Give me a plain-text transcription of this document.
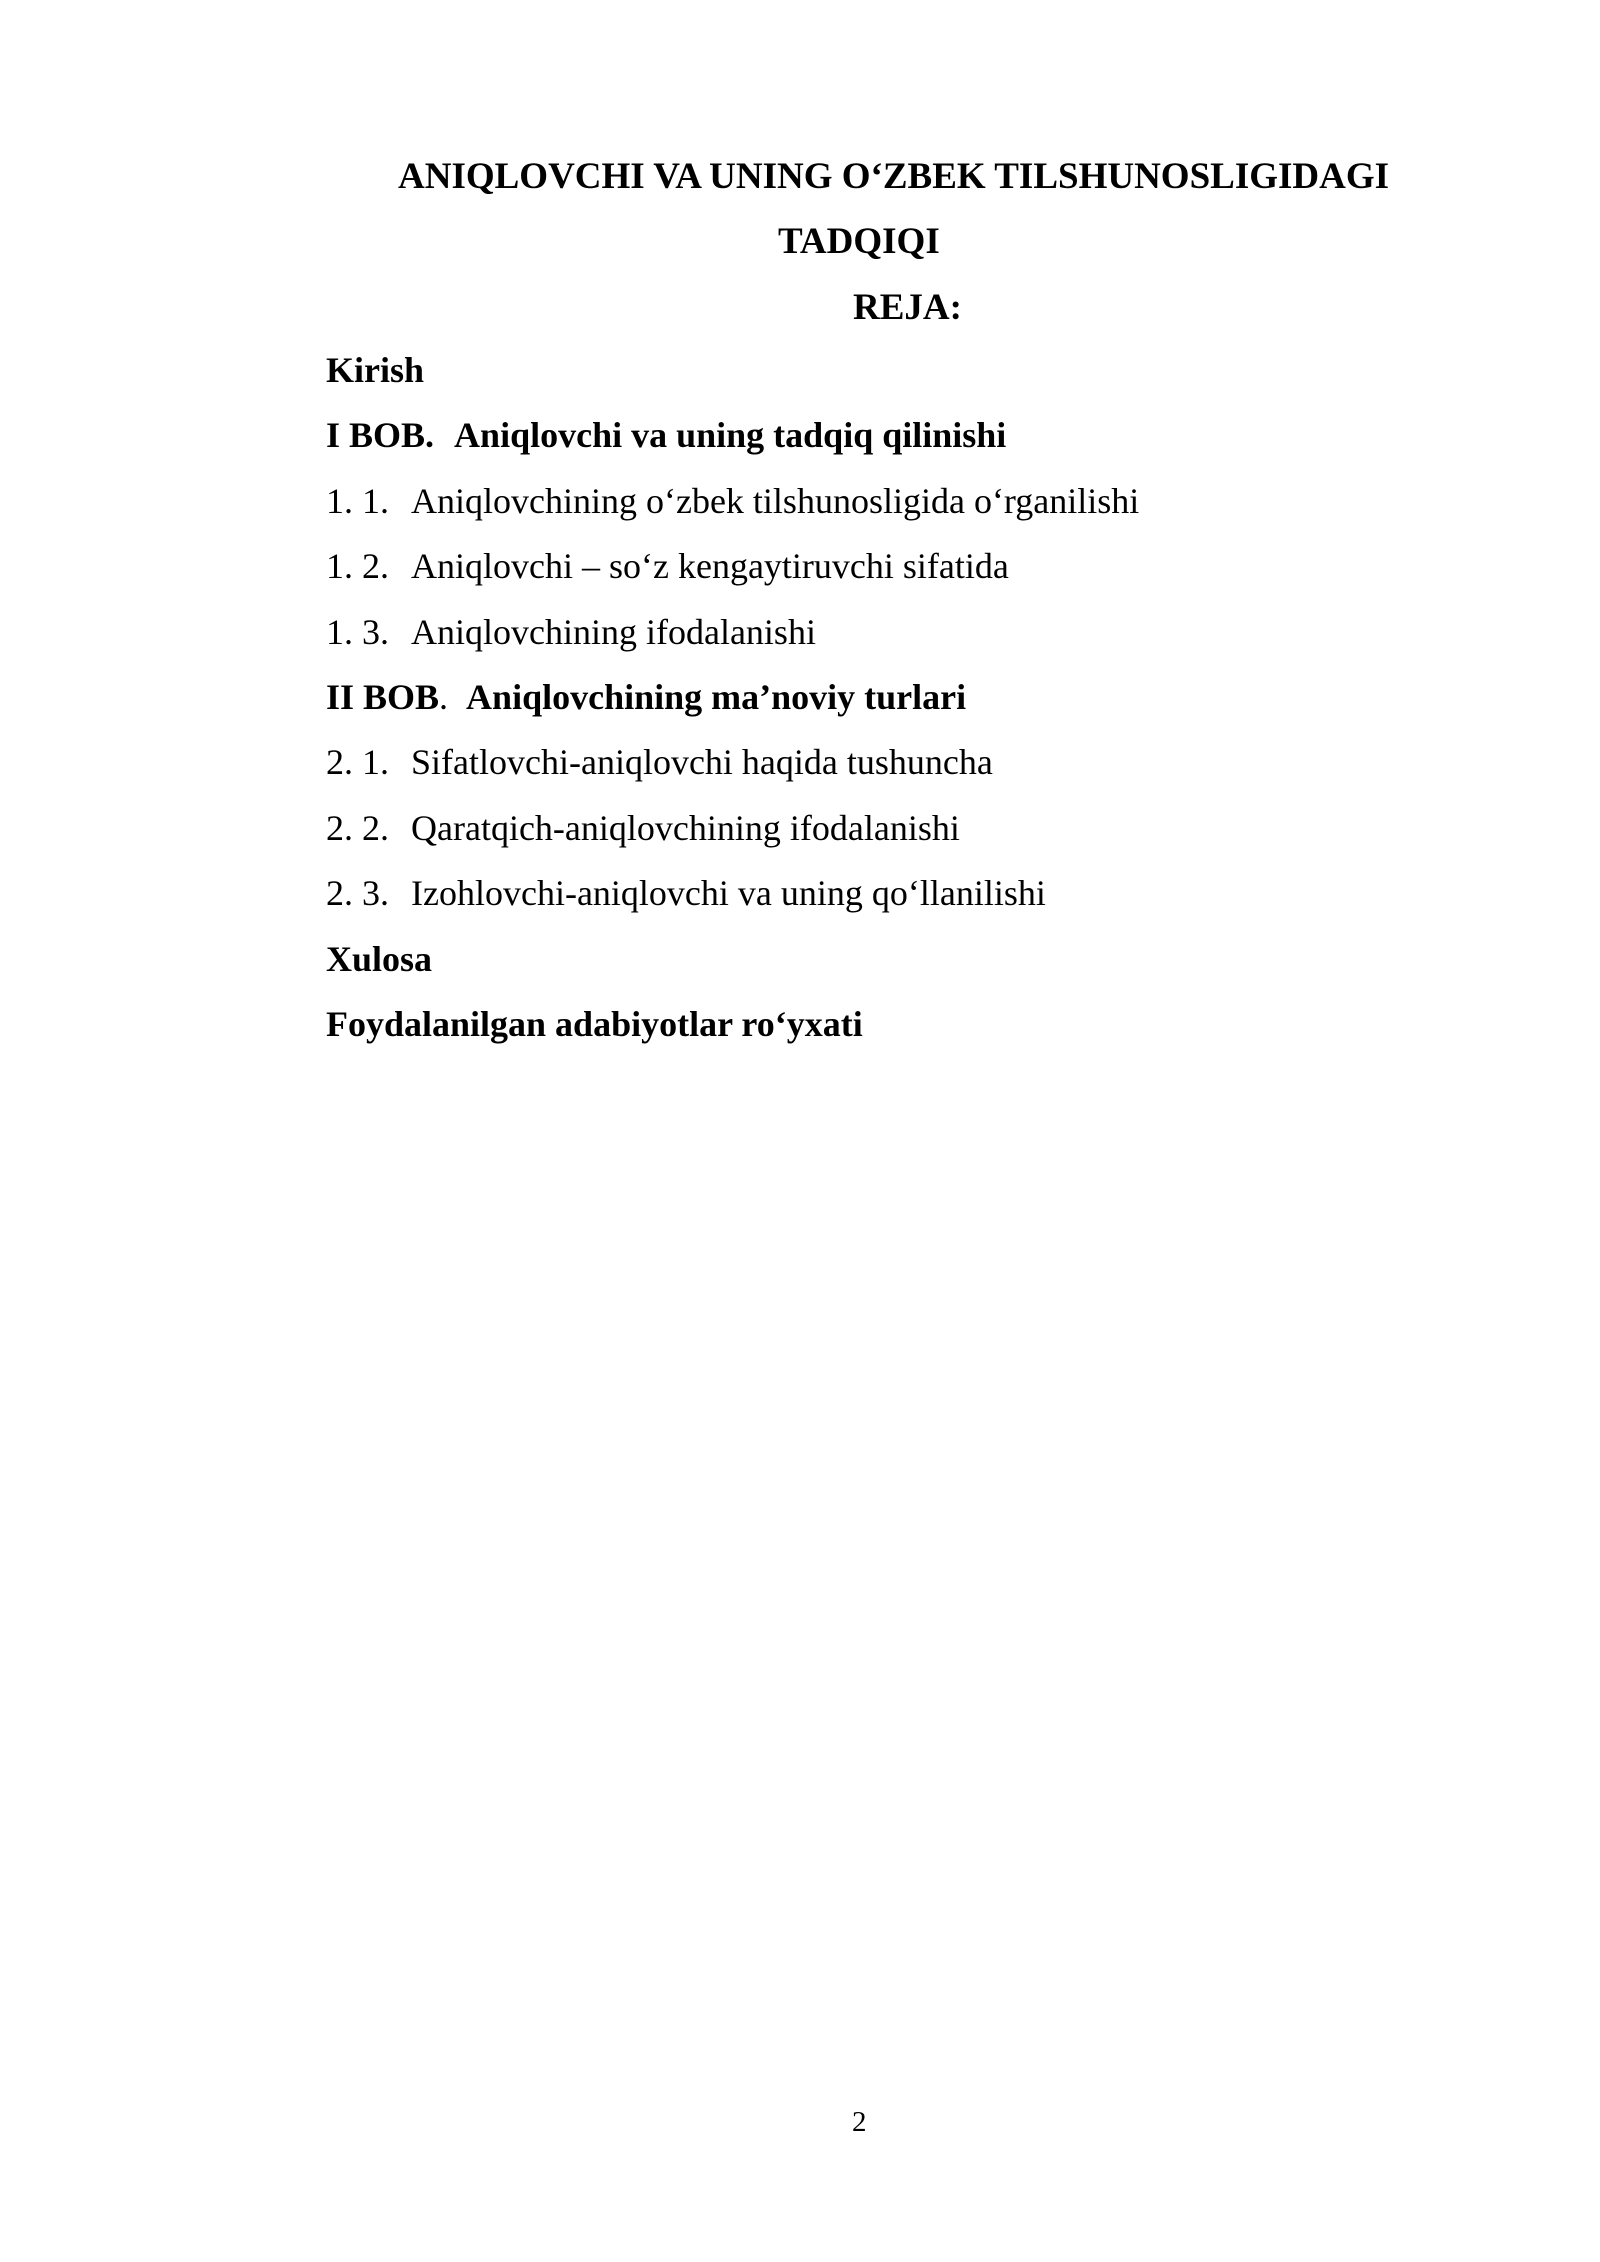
ANIQLOVCHI VA UNING O‘ZBEK TILSHUNOSLIGIDAGI
TADQIQI
REJA:
Kirish
I BOB. Aniqlovchi va uning tadqiq qilinishi
1. 1. Aniqlovchining o‘zbek tilshunosligida o‘rganilishi
1. 2. Aniqlovchi – so‘z kengaytiruvchi sifatida
1. 3. Aniqlovchining ifodalanishi
II BOB. Aniqlovchining ma’noviy turlari
2. 1. Sifatlovchi-aniqlovchi haqida tushuncha
2. 2. Qaratqich-aniqlovchining ifodalanishi
2. 3. Izohlovchi-aniqlovchi va uning qo‘llanilishi
Xulosa
Foydalanilgan adabiyotlar ro‘yxati
2
